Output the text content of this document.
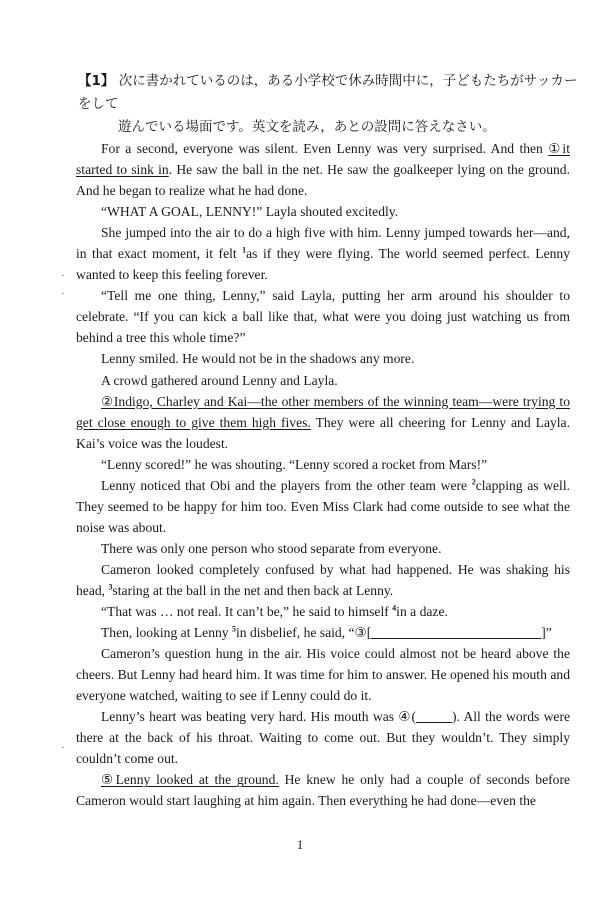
【1】 次に書かれているのは，ある小学校で休み時間中に，子どもたちがサッカーをして
遊んでいる場面です。英文を読み，あとの設問に答えなさい。

For a second, everyone was silent. Even Lenny was very surprised. And then ①it started to sink in. He saw the ball in the net. He saw the goalkeeper lying on the ground. And he began to realize what he had done.

“WHAT A GOAL, LENNY!” Layla shouted excitedly.

She jumped into the air to do a high five with him. Lenny jumped towards her—and, in that exact moment, it felt $^1$as if they were flying. The world seemed perfect. Lenny wanted to keep this feeling forever.

“Tell me one thing, Lenny,” said Layla, putting her arm around his shoulder to celebrate. “If you can kick a ball like that, what were you doing just watching us from behind a tree this whole time?”

Lenny smiled. He would not be in the shadows any more.

A crowd gathered around Lenny and Layla.

②Indigo, Charley and Kai—the other members of the winning team—were trying to get close enough to give them high fives. They were all cheering for Lenny and Layla. Kai’s voice was the loudest.

“Lenny scored!” he was shouting. “Lenny scored a rocket from Mars!”

Lenny noticed that Obi and the players from the other team were $^2$clapping as well. They seemed to be happy for him too. Even Miss Clark had come outside to see what the noise was about.

There was only one person who stood separate from everyone.

Cameron looked completely confused by what had happened. He was shaking his head, $^3$staring at the ball in the net and then back at Lenny.

“That was … not real. It can’t be,” he said to himself $^4$in a daze.

Then, looking at Lenny $^5$in disbelief, he said, “③[	]”

Cameron’s question hung in the air. His voice could almost not be heard above the cheers. But Lenny had heard him. It was time for him to answer. He opened his mouth and everyone watched, waiting to see if Lenny could do it.

Lenny’s heart was beating very hard. His mouth was ④(	). All the words were there at the back of his throat. Waiting to come out. But they wouldn’t. They simply couldn’t come out.

⑤Lenny looked at the ground. He knew he only had a couple of seconds before Cameron would start laughing at him again. Then everything he had done—even the

1
